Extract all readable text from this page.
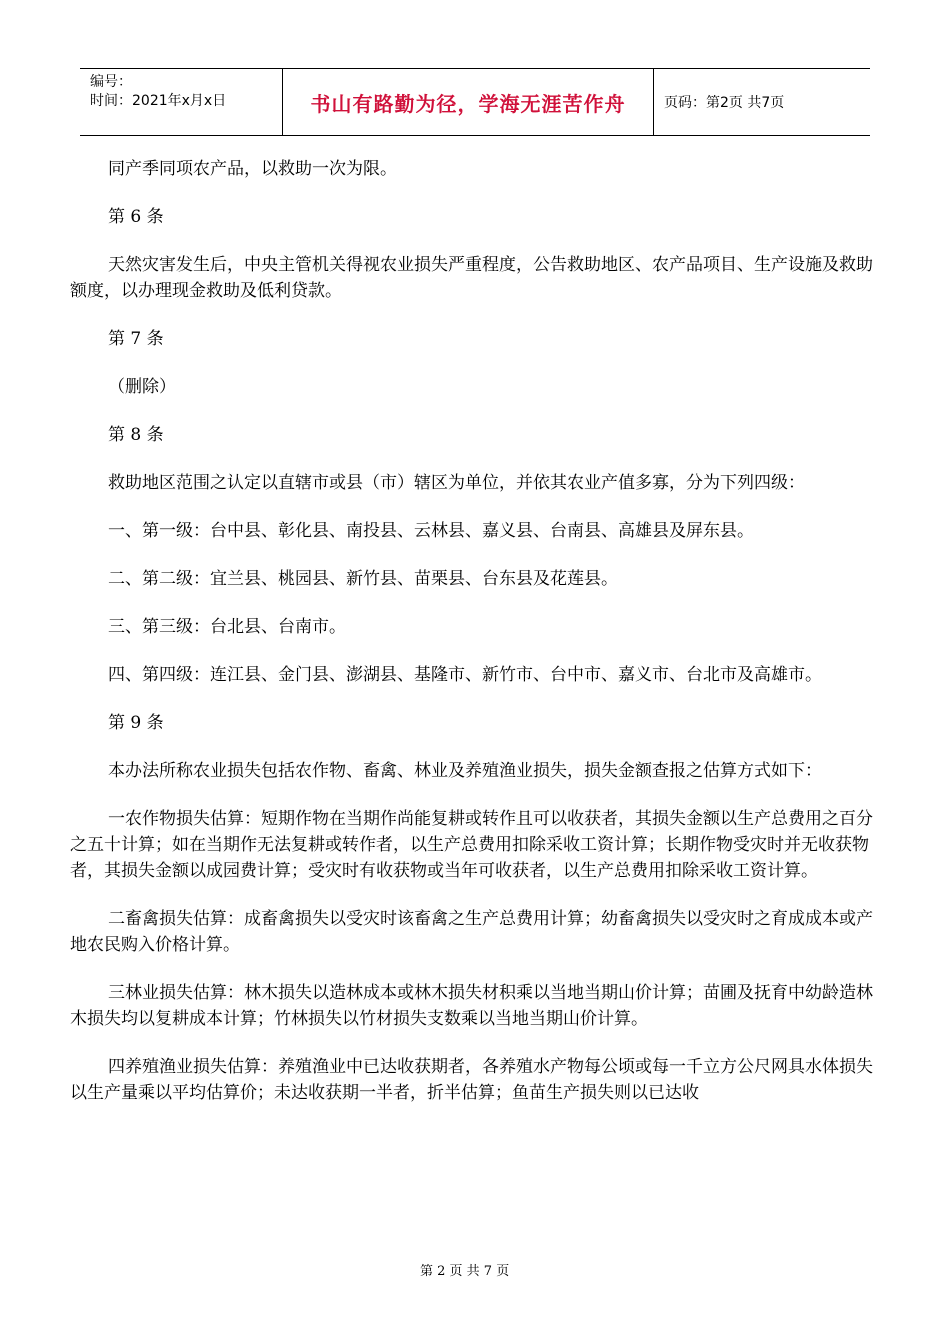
编号：
时间：2021年x月x日	书山有路勤为径，学海无涯苦作舟	页码：第2页 共7页

同产季同项农产品，以救助一次为限。

第 6 条

天然灾害发生后，中央主管机关得视农业损失严重程度，公告救助地区、农产品项目、生产设施及救助额度，以办理现金救助及低利贷款。

第 7 条

（删除）

第 8 条

救助地区范围之认定以直辖市或县（市）辖区为单位，并依其农业产值多寡，分为下列四级：

一、第一级：台中县、彰化县、南投县、云林县、嘉义县、台南县、高雄县及屏东县。

二、第二级：宜兰县、桃园县、新竹县、苗栗县、台东县及花莲县。

三、第三级：台北县、台南市。

四、第四级：连江县、金门县、澎湖县、基隆市、新竹市、台中市、嘉义市、台北市及高雄市。

第 9 条

本办法所称农业损失包括农作物、畜禽、林业及养殖渔业损失，损失金额查报之估算方式如下：

一农作物损失估算：短期作物在当期作尚能复耕或转作且可以收获者，其损失金额以生产总费用之百分之五十计算；如在当期作无法复耕或转作者，以生产总费用扣除采收工资计算；长期作物受灾时并无收获物者，其损失金额以成园费计算；受灾时有收获物或当年可收获者，以生产总费用扣除采收工资计算。

二畜禽损失估算：成畜禽损失以受灾时该畜禽之生产总费用计算；幼畜禽损失以受灾时之育成成本或产地农民购入价格计算。

三林业损失估算：林木损失以造林成本或林木损失材积乘以当地当期山价计算；苗圃及抚育中幼龄造林木损失均以复耕成本计算；竹林损失以竹材损失支数乘以当地当期山价计算。

四养殖渔业损失估算：养殖渔业中已达收获期者，各养殖水产物每公顷或每一千立方公尺网具水体损失以生产量乘以平均估算价；未达收获期一半者，折半估算；鱼苗生产损失则以已达收

第 2 页 共 7 页
